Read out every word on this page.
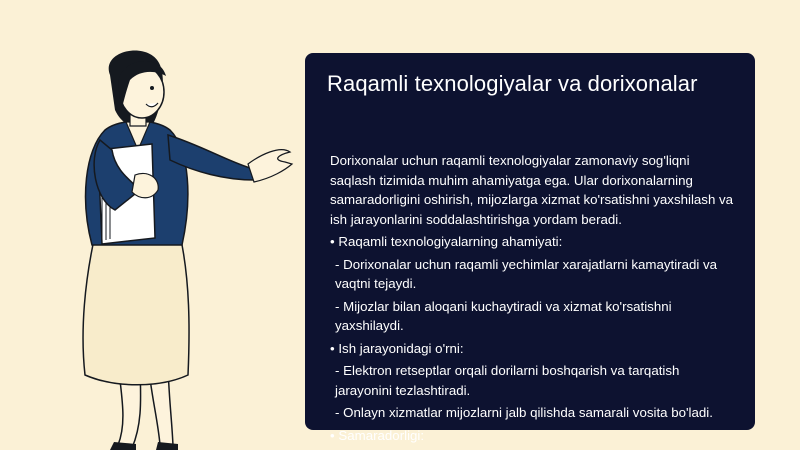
Raqamli texnologiyalar va dorixonalar

Dorixonalar uchun raqamli texnologiyalar zamonaviy sog'liqni saqlash tizimida muhim ahamiyatga ega. Ular dorixonalarning samaradorligini oshirish, mijozlarga xizmat ko'rsatishni yaxshilash va ish jarayonlarini soddalashtirishga yordam beradi.

• Raqamli texnologiyalarning ahamiyati:

- Dorixonalar uchun raqamli yechimlar xarajatlarni kamaytiradi va vaqtni tejaydi.

- Mijozlar bilan aloqani kuchaytiradi va xizmat ko'rsatishni yaxshilaydi.

• Ish jarayonidagi o'rni:

- Elektron retseptlar orqali dorilarni boshqarish va tarqatish jarayonini tezlashtiradi.

- Onlayn xizmatlar mijozlarni jalb qilishda samarali vosita bo'ladi.

• Samaradorligi:
